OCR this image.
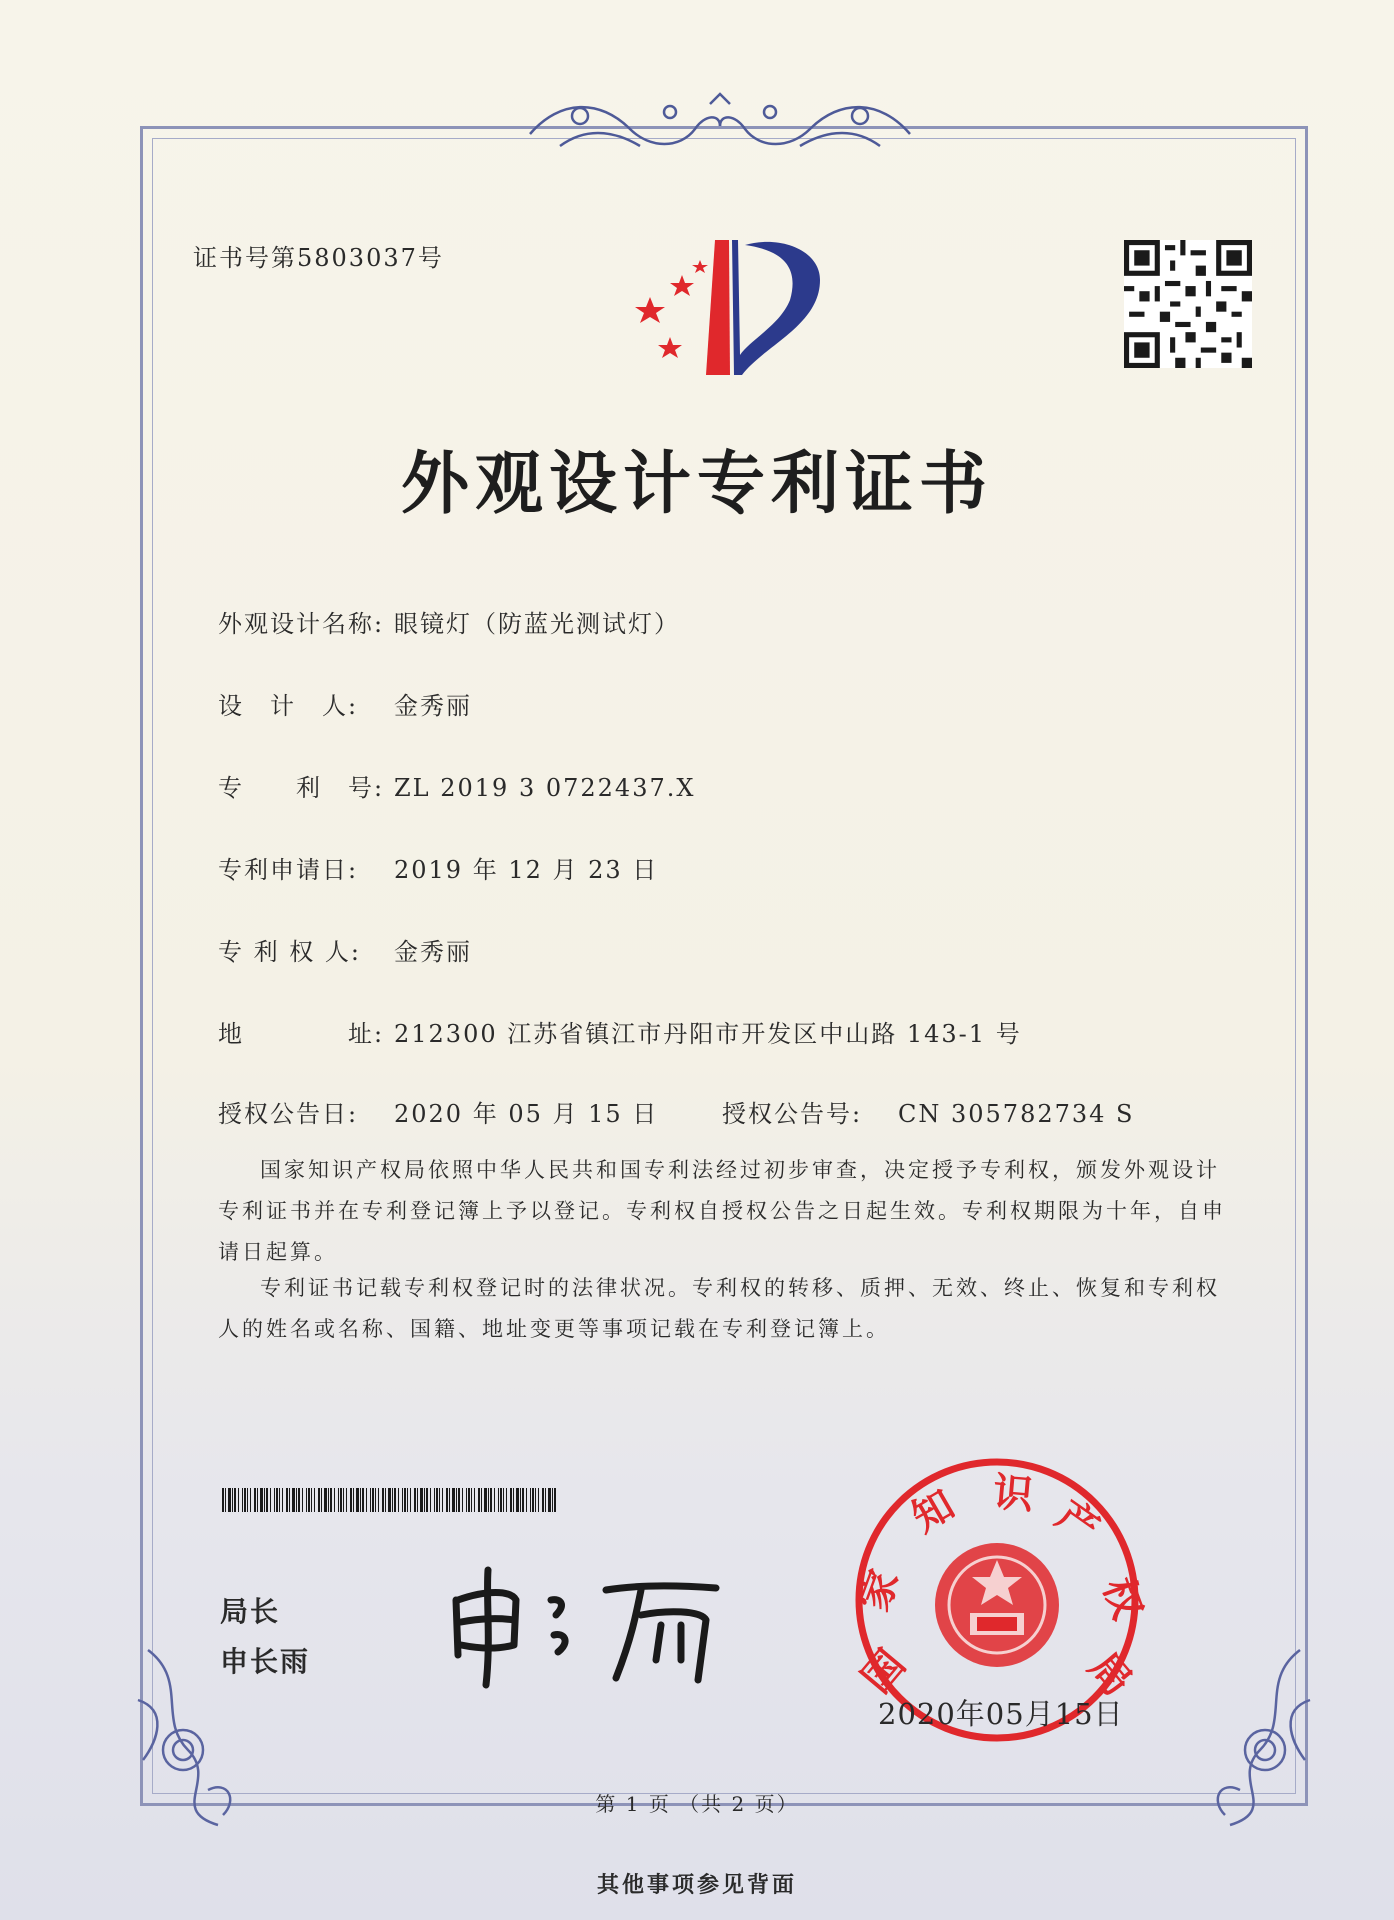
证书号第5803037号
外观设计专利证书
外观设计名称: 眼镜灯（防蓝光测试灯）
设　计　人: 金秀丽
专　　利　号: ZL 2019 3 0722437.X
专利申请日: 2019 年 12 月 23 日
专 利 权 人: 金秀丽
地　　　　址: 212300 江苏省镇江市丹阳市开发区中山路 143-1 号
授权公告日: 2020 年 05 月 15 日	授权公告号: CN 305782734 S
国家知识产权局依照中华人民共和国专利法经过初步审查，决定授予专利权，颁发外观设计专利证书并在专利登记簿上予以登记。专利权自授权公告之日起生效。专利权期限为十年，自申请日起算。
专利证书记载专利权登记时的法律状况。专利权的转移、质押、无效、终止、恢复和专利权人的姓名或名称、国籍、地址变更等事项记载在专利登记簿上。
局长
申长雨	国
家
知 识 产
权
局
2020年05月15日
第 1 页 （共 2 页）
其他事项参见背面
